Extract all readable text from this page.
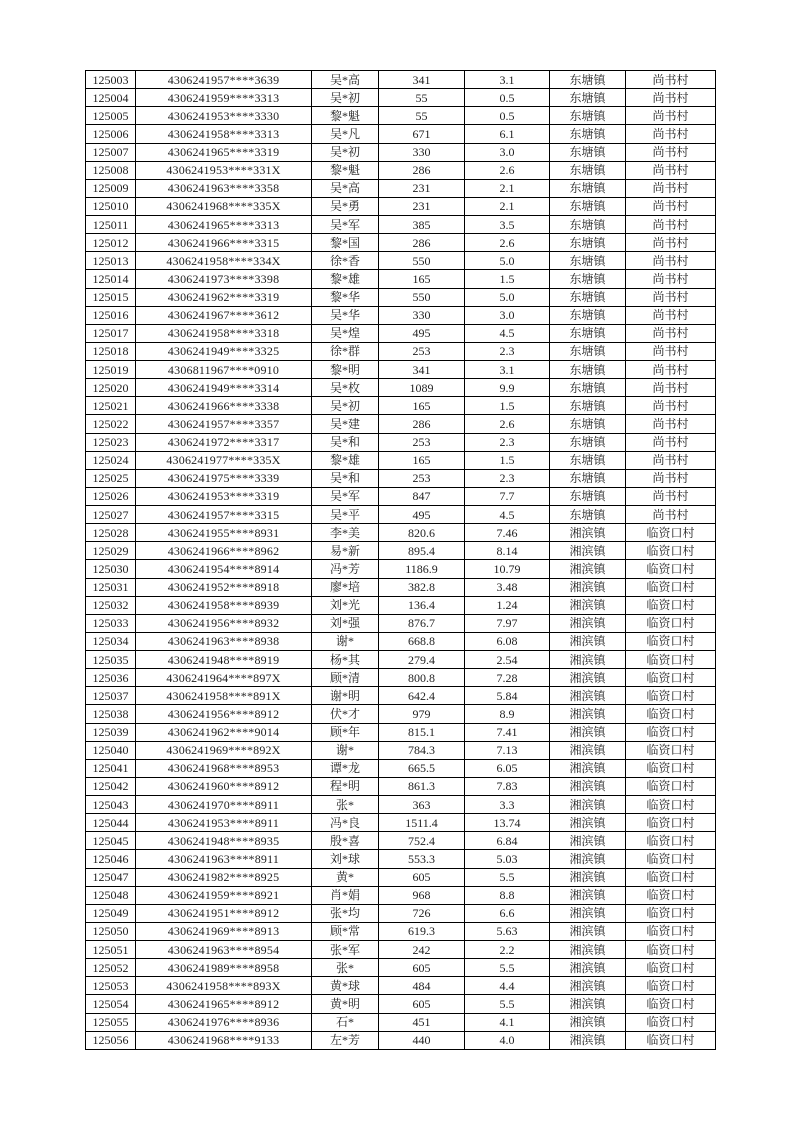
125003	4306241957****3639	吴*高	341	3.1	东塘镇	尚书村
125004	4306241959****3313	吴*初	55	0.5	东塘镇	尚书村
125005	4306241953****3330	黎*魁	55	0.5	东塘镇	尚书村
125006	4306241958****3313	吴*凡	671	6.1	东塘镇	尚书村
125007	4306241965****3319	吴*初	330	3.0	东塘镇	尚书村
125008	4306241953****331X	黎*魁	286	2.6	东塘镇	尚书村
125009	4306241963****3358	吴*高	231	2.1	东塘镇	尚书村
125010	4306241968****335X	吴*勇	231	2.1	东塘镇	尚书村
125011	4306241965****3313	吴*军	385	3.5	东塘镇	尚书村
125012	4306241966****3315	黎*国	286	2.6	东塘镇	尚书村
125013	4306241958****334X	徐*香	550	5.0	东塘镇	尚书村
125014	4306241973****3398	黎*雄	165	1.5	东塘镇	尚书村
125015	4306241962****3319	黎*华	550	5.0	东塘镇	尚书村
125016	4306241967****3612	吴*华	330	3.0	东塘镇	尚书村
125017	4306241958****3318	吴*煌	495	4.5	东塘镇	尚书村
125018	4306241949****3325	徐*群	253	2.3	东塘镇	尚书村
125019	4306811967****0910	黎*明	341	3.1	东塘镇	尚书村
125020	4306241949****3314	吴*枚	1089	9.9	东塘镇	尚书村
125021	4306241966****3338	吴*初	165	1.5	东塘镇	尚书村
125022	4306241957****3357	吴*建	286	2.6	东塘镇	尚书村
125023	4306241972****3317	吴*和	253	2.3	东塘镇	尚书村
125024	4306241977****335X	黎*雄	165	1.5	东塘镇	尚书村
125025	4306241975****3339	吴*和	253	2.3	东塘镇	尚书村
125026	4306241953****3319	吴*军	847	7.7	东塘镇	尚书村
125027	4306241957****3315	吴*平	495	4.5	东塘镇	尚书村
125028	4306241955****8931	李*美	820.6	7.46	湘滨镇	临资口村
125029	4306241966****8962	易*新	895.4	8.14	湘滨镇	临资口村
125030	4306241954****8914	冯*芳	1186.9	10.79	湘滨镇	临资口村
125031	4306241952****8918	廖*培	382.8	3.48	湘滨镇	临资口村
125032	4306241958****8939	刘*光	136.4	1.24	湘滨镇	临资口村
125033	4306241956****8932	刘*强	876.7	7.97	湘滨镇	临资口村
125034	4306241963****8938	谢*	668.8	6.08	湘滨镇	临资口村
125035	4306241948****8919	杨*其	279.4	2.54	湘滨镇	临资口村
125036	4306241964****897X	顾*清	800.8	7.28	湘滨镇	临资口村
125037	4306241958****891X	谢*明	642.4	5.84	湘滨镇	临资口村
125038	4306241956****8912	伏*才	979	8.9	湘滨镇	临资口村
125039	4306241962****9014	顾*年	815.1	7.41	湘滨镇	临资口村
125040	4306241969****892X	谢*	784.3	7.13	湘滨镇	临资口村
125041	4306241968****8953	谭*龙	665.5	6.05	湘滨镇	临资口村
125042	4306241960****8912	程*明	861.3	7.83	湘滨镇	临资口村
125043	4306241970****8911	张*	363	3.3	湘滨镇	临资口村
125044	4306241953****8911	冯*良	1511.4	13.74	湘滨镇	临资口村
125045	4306241948****8935	殷*喜	752.4	6.84	湘滨镇	临资口村
125046	4306241963****8911	刘*球	553.3	5.03	湘滨镇	临资口村
125047	4306241982****8925	黄*	605	5.5	湘滨镇	临资口村
125048	4306241959****8921	肖*娟	968	8.8	湘滨镇	临资口村
125049	4306241951****8912	张*均	726	6.6	湘滨镇	临资口村
125050	4306241969****8913	顾*常	619.3	5.63	湘滨镇	临资口村
125051	4306241963****8954	张*军	242	2.2	湘滨镇	临资口村
125052	4306241989****8958	张*	605	5.5	湘滨镇	临资口村
125053	4306241958****893X	黄*球	484	4.4	湘滨镇	临资口村
125054	4306241965****8912	黄*明	605	5.5	湘滨镇	临资口村
125055	4306241976****8936	石*	451	4.1	湘滨镇	临资口村
125056	4306241968****9133	左*芳	440	4.0	湘滨镇	临资口村
